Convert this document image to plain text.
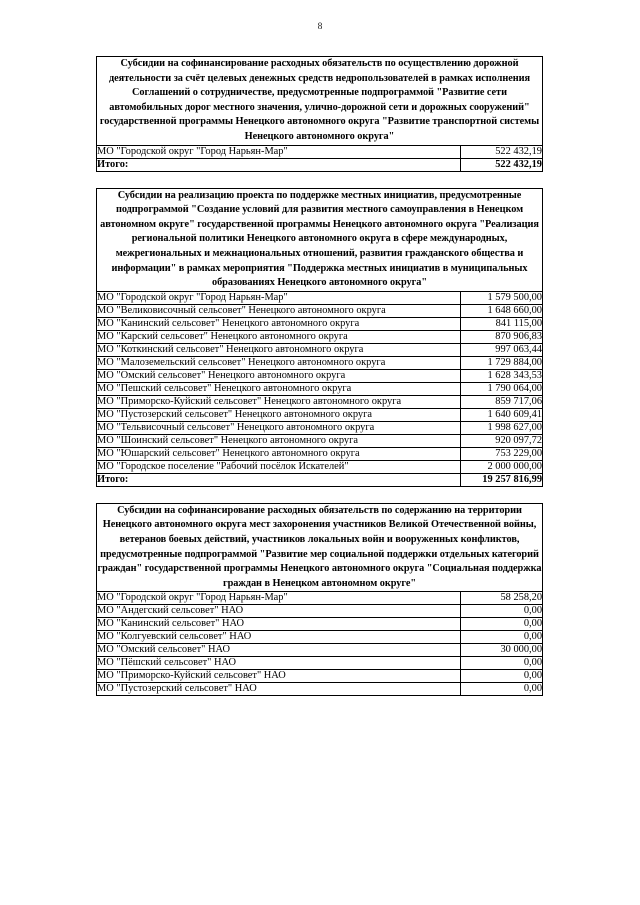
8
Субсидии на софинансирование расходных обязательств по осуществлению дорожной деятельности за счёт целевых денежных средств недропользователей в рамках исполнения Соглашений о сотрудничестве, предусмотренные подпрограммой "Развитие сети автомобильных дорог местного значения, улично-дорожной сети и дорожных сооружений" государственной программы Ненецкого автономного округа "Развитие транспортной системы Ненецкого автономного округа"	
МО "Городской округ "Город Нарьян-Мар"	522 432,19
Итого:	522 432,19
Субсидии на реализацию проекта по поддержке местных инициатив, предусмотренные подпрограммой "Создание условий для развития местного самоуправления в Ненецком автономном округе" государственной программы Ненецкого автономного округа "Реализация региональной политики Ненецкого автономного округа в сфере международных, межрегиональных и межнациональных отношений, развития гражданского общества и информации" в рамках мероприятия "Поддержка местных инициатив в муниципальных образованиях Ненецкого автономного округа"	
МО "Городской округ "Город Нарьян-Мар"	1 579 500,00
МО "Великовисочный сельсовет" Ненецкого автономного округа	1 648 660,00
МО "Канинский сельсовет" Ненецкого автономного округа	841 115,00
МО "Карский сельсовет" Ненецкого автономного округа	870 906,83
МО "Коткинский сельсовет" Ненецкого автономного округа	997 063,44
МО "Малоземельский сельсовет" Ненецкого автономного округа	1 729 884,00
МО "Омский сельсовет" Ненецкого автономного округа	1 628 343,53
МО "Пешский сельсовет" Ненецкого автономного округа	1 790 064,00
МО "Приморско-Куйский сельсовет" Ненецкого автономного округа	859 717,06
МО "Пустозерский сельсовет" Ненецкого автономного округа	1 640 609,41
МО "Тельвисочный сельсовет" Ненецкого автономного округа	1 998 627,00
МО "Шоинский сельсовет" Ненецкого автономного округа	920 097,72
МО "Юшарский сельсовет" Ненецкого автономного округа	753 229,00
МО "Городское поселение "Рабочий посёлок Искателей"	2 000 000,00
Итого:	19 257 816,99
Субсидии на софинансирование расходных обязательств по содержанию на территории Ненецкого автономного округа мест захоронения участников Великой Отечественной войны, ветеранов боевых действий, участников локальных войн и вооруженных конфликтов, предусмотренные подпрограммой "Развитие мер социальной поддержки отдельных категорий граждан" государственной программы Ненецкого автономного округа "Социальная поддержка граждан в Ненецком автономном округе"	
МО "Городской округ "Город Нарьян-Мар"	58 258,20
МО "Андегский сельсовет" НАО	0,00
МО "Канинский сельсовет" НАО	0,00
МО "Колгуевский сельсовет" НАО	0,00
МО "Омский сельсовет" НАО	30 000,00
МО "Пёшский сельсовет" НАО	0,00
МО "Приморско-Куйский сельсовет" НАО	0,00
МО "Пустозерский сельсовет" НАО	0,00
